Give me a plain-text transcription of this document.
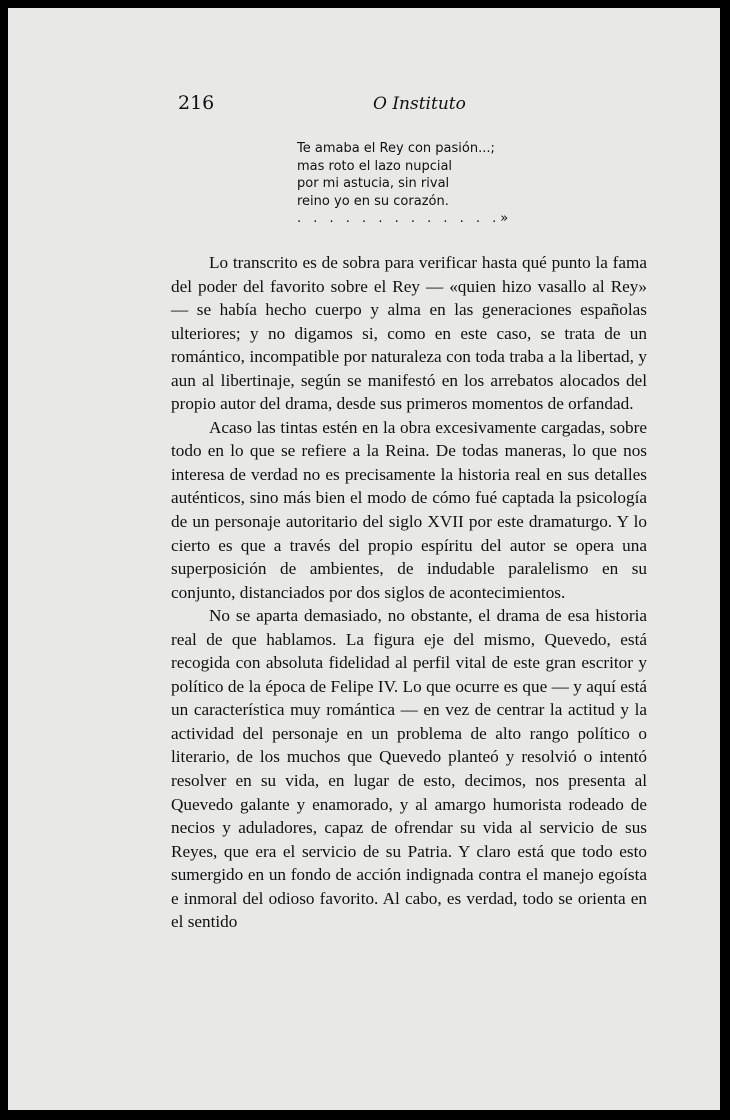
216	O Instituto
Te amaba el Rey con pasión...;
mas roto el lazo nupcial
por mi astucia, sin rival
reino yo en su corazón.
. . . . . . . . . . . . .»

Lo transcrito es de sobra para verificar hasta qué punto la fama del poder del favorito sobre el Rey — «quien hizo vasallo al Rey» — se había hecho cuerpo y alma en las generaciones españolas ulteriores; y no digamos si, como en este caso, se trata de un romántico, incompatible por naturaleza con toda traba a la libertad, y aun al libertinaje, según se manifestó en los arrebatos alocados del propio autor del drama, desde sus primeros momentos de orfandad.

Acaso las tintas estén en la obra excesivamente cargadas, sobre todo en lo que se refiere a la Reina. De todas maneras, lo que nos interesa de verdad no es precisamente la historia real en sus detalles auténticos, sino más bien el modo de cómo fué captada la psicología de un personaje autoritario del siglo XVII por este dramaturgo. Y lo cierto es que a través del propio espíritu del autor se opera una superposición de ambientes, de indudable paralelismo en su conjunto, distanciados por dos siglos de acontecimientos.

No se aparta demasiado, no obstante, el drama de esa historia real de que hablamos. La figura eje del mismo, Quevedo, está recogida con absoluta fidelidad al perfil vital de este gran escritor y político de la época de Felipe IV. Lo que ocurre es que — y aquí está un característica muy romántica — en vez de centrar la actitud y la actividad del personaje en un problema de alto rango político o literario, de los muchos que Quevedo planteó y resolvió o intentó resolver en su vida, en lugar de esto, decimos, nos presenta al Quevedo galante y enamorado, y al amargo humorista rodeado de necios y aduladores, capaz de ofrendar su vida al servicio de sus Reyes, que era el servicio de su Patria. Y claro está que todo esto sumergido en un fondo de acción indignada contra el manejo egoísta e inmoral del odioso favorito. Al cabo, es verdad, todo se orienta en el sentido
